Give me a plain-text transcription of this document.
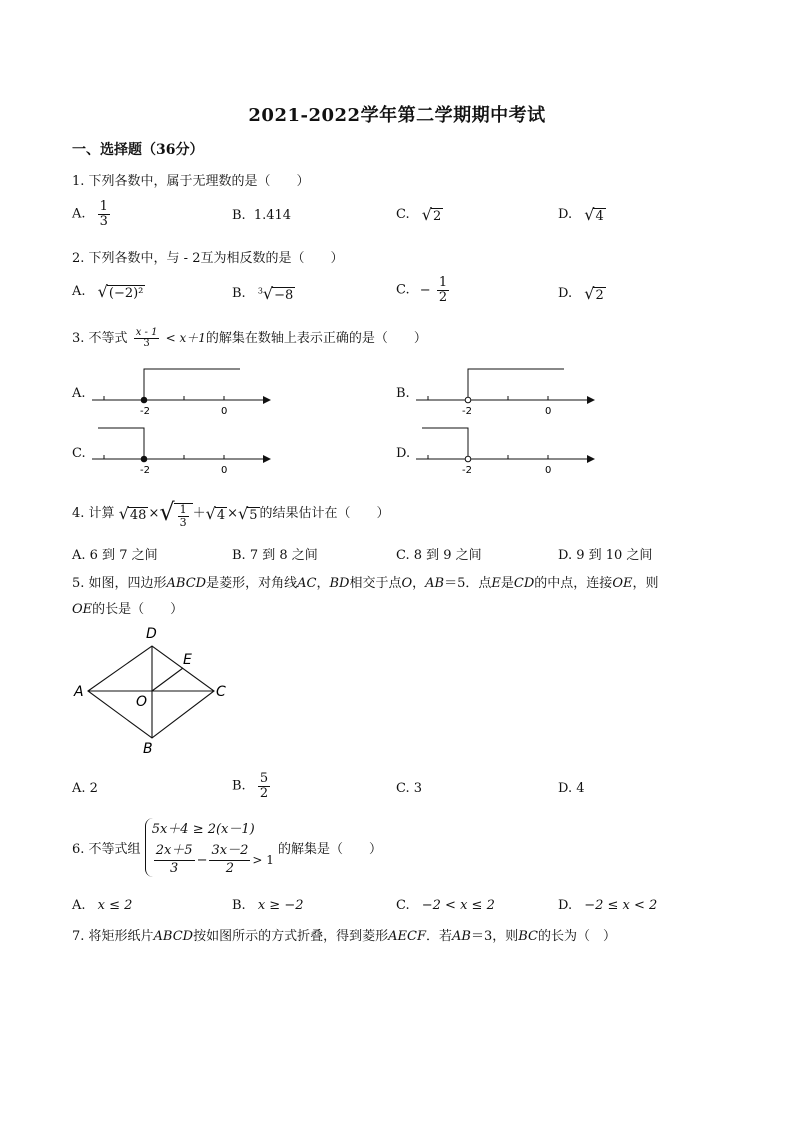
2021-2022学年第二学期期中考试
一、选择题（36分）
1. 下列各数中，属于无理数的是（　　）
A. $\frac{1}{3}$	B. 1.414	C. √2	D. √4
2. 下列各数中，与 - 2互为相反数的是（　　）
A. √(−2)²	B. $^3$√−8	C. − $\frac{1}{2}$	D. √2
3. 不等式 $\frac{x - 1}{3} < x+1$的解集在数轴上表示正确的是（　　）
A.	B.
C.	D.
-2	0	-2	0
-2	0	-2	0
A
D
E
C
O
B
4. 计算 √48 ×√ $\frac{1}{3} +√4 \times√5$ 的结果估计在（　　）
A. 6 到 7 之间	B. 7 到 8 之间	C. 8 到 9 之间	D. 9 到 10 之间
5. 如图，四边形ABCD是菱形，对角线AC，BD相交于点O，AB＝5．点E是CD的中点，连接OE，则
OE的长是（　　）
A. 2	B. $\frac{5}{2}$	C. 3	D. 4
6. 不等式组
5x＋4 ≥ 2(x－1)
$\frac{2x+5}{3} - \frac{3x-2}{2} > 1$
的解集是（　　）
A. x ≤ 2	B. x ≥ −2	C. −2 < x ≤ 2	D. −2 ≤ x < 2
7. 将矩形纸片ABCD按如图所示的方式折叠，得到菱形AECF．若AB＝3，则BC的长为（　）
